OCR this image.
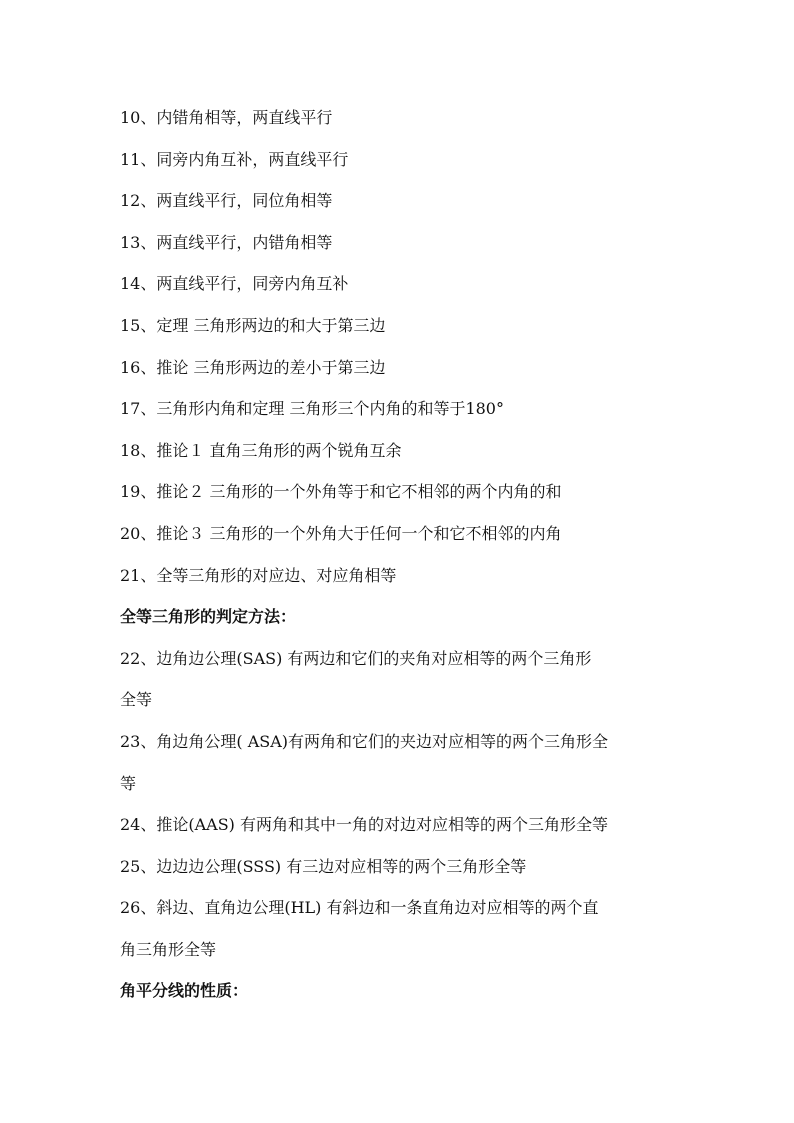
10、内错角相等，两直线平行
11、同旁内角互补，两直线平行
12、两直线平行，同位角相等
13、两直线平行，内错角相等
14、两直线平行，同旁内角互补
15、定理 三角形两边的和大于第三边
16、推论 三角形两边的差小于第三边
17、三角形内角和定理 三角形三个内角的和等于180°
18、推论１ 直角三角形的两个锐角互余
19、推论２ 三角形的一个外角等于和它不相邻的两个内角的和
20、推论３ 三角形的一个外角大于任何一个和它不相邻的内角
21、全等三角形的对应边、对应角相等
全等三角形的判定方法：
22、边角边公理(SAS) 有两边和它们的夹角对应相等的两个三角形
全等
23、角边角公理( ASA)有两角和它们的夹边对应相等的两个三角形全
等
24、推论(AAS) 有两角和其中一角的对边对应相等的两个三角形全等
25、边边边公理(SSS) 有三边对应相等的两个三角形全等
26、斜边、直角边公理(HL) 有斜边和一条直角边对应相等的两个直
角三角形全等
角平分线的性质：
